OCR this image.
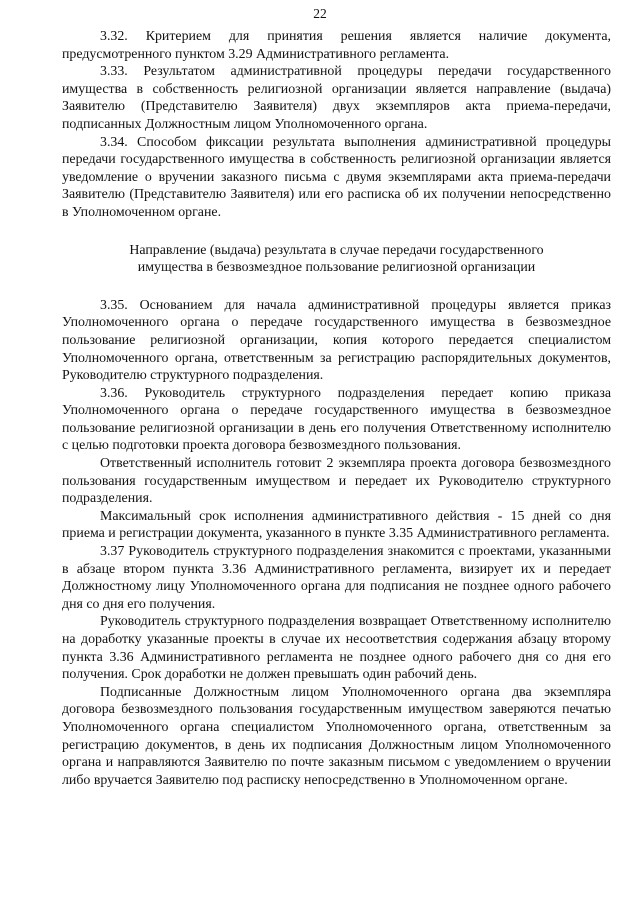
22

3.32. Критерием для принятия решения является наличие документа, предусмотренного пунктом 3.29 Административного регламента.

3.33. Результатом административной процедуры передачи государственного имущества в собственность религиозной организации является направление (выдача) Заявителю (Представителю Заявителя) двух экземпляров акта приема-передачи, подписанных Должностным лицом Уполномоченного органа.

3.34. Способом фиксации результата выполнения административной процедуры передачи государственного имущества в собственность религиозной организации является уведомление о вручении заказного письма с двумя экземплярами акта приема-передачи Заявителю (Представителю Заявителя) или его расписка об их получении непосредственно в Уполномоченном органе.

Направление (выдача) результата в случае передачи государственного
имущества в безвозмездное пользование религиозной организации

3.35. Основанием для начала административной процедуры является приказ Уполномоченного органа о передаче государственного имущества в безвозмездное пользование религиозной организации, копия которого передается специалистом Уполномоченного органа, ответственным за регистрацию распорядительных документов, Руководителю структурного подразделения.

3.36. Руководитель структурного подразделения передает копию приказа Уполномоченного органа о передаче государственного имущества в безвозмездное пользование религиозной организации в день его получения Ответственному исполнителю с целью подготовки проекта договора безвозмездного пользования.

Ответственный исполнитель готовит 2 экземпляра проекта договора безвозмездного пользования государственным имуществом и передает их Руководителю структурного подразделения.

Максимальный срок исполнения административного действия - 15 дней со дня приема и регистрации документа, указанного в пункте 3.35 Административного регламента.

3.37 Руководитель структурного подразделения знакомится с проектами, указанными в абзаце втором пункта 3.36 Административного регламента, визирует их и передает Должностному лицу Уполномоченного органа для подписания не позднее одного рабочего дня со дня его получения.

Руководитель структурного подразделения возвращает Ответственному исполнителю на доработку указанные проекты в случае их несоответствия содержания абзацу второму пункта 3.36 Административного регламента не позднее одного рабочего дня со дня его получения. Срок доработки не должен превышать один рабочий день.

Подписанные Должностным лицом Уполномоченного органа два экземпляра договора безвозмездного пользования государственным имуществом заверяются печатью Уполномоченного органа специалистом Уполномоченного органа, ответственным за регистрацию документов, в день их подписания Должностным лицом Уполномоченного органа и направляются Заявителю по почте заказным письмом с уведомлением о вручении либо вручается Заявителю под расписку непосредственно в Уполномоченном органе.
